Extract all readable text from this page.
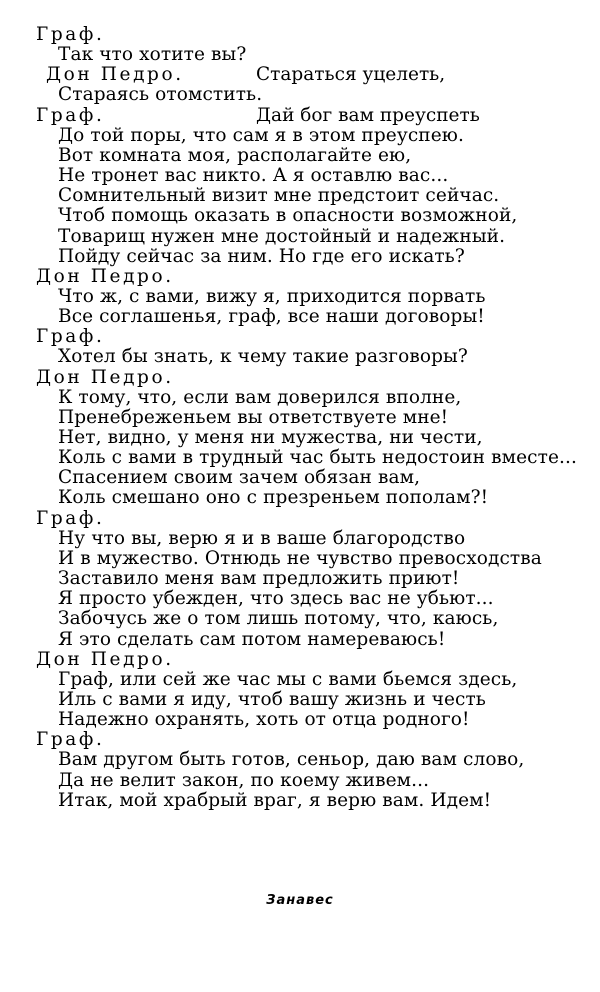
Граф.
Так что хотите вы?
Дон Педро.	Стараться уцелеть,
Стараясь отомстить.
Граф.	Дай бог вам преуспеть
До той поры, что сам я в этом преуспею.
Вот комната моя, располагайте ею,
Не тронет вас никто. А я оставлю вас...
Сомнительный визит мне предстоит сейчас.
Чтоб помощь оказать в опасности возможной,
Товарищ нужен мне достойный и надежный.
Пойду сейчас за ним. Но где его искать?
Дон Педро.
Что ж, с вами, вижу я, приходится порвать
Все соглашенья, граф, все наши договоры!
Граф.
Хотел бы знать, к чему такие разговоры?
Дон Педро.
К тому, что, если вам доверился вполне,
Пренебреженьем вы ответствуете мне!
Нет, видно, у меня ни мужества, ни чести,
Коль с вами в трудный час быть недостоин вместе...
Спасением своим зачем обязан вам,
Коль смешано оно с презреньем пополам?!
Граф.
Ну что вы, верю я и в ваше благородство
И в мужество. Отнюдь не чувство превосходства
Заставило меня вам предложить приют!
Я просто убежден, что здесь вас не убьют...
Забочусь же о том лишь потому, что, каюсь,
Я это сделать сам потом намереваюсь!
Дон Педро.
Граф, или сей же час мы с вами бьемся здесь,
Иль с вами я иду, чтоб вашу жизнь и честь
Надежно охранять, хоть от отца родного!
Граф.
Вам другом быть готов, сеньор, даю вам слово,
Да не велит закон, по коему живем...
Итак, мой храбрый враг, я верю вам. Идем!
Занавес
